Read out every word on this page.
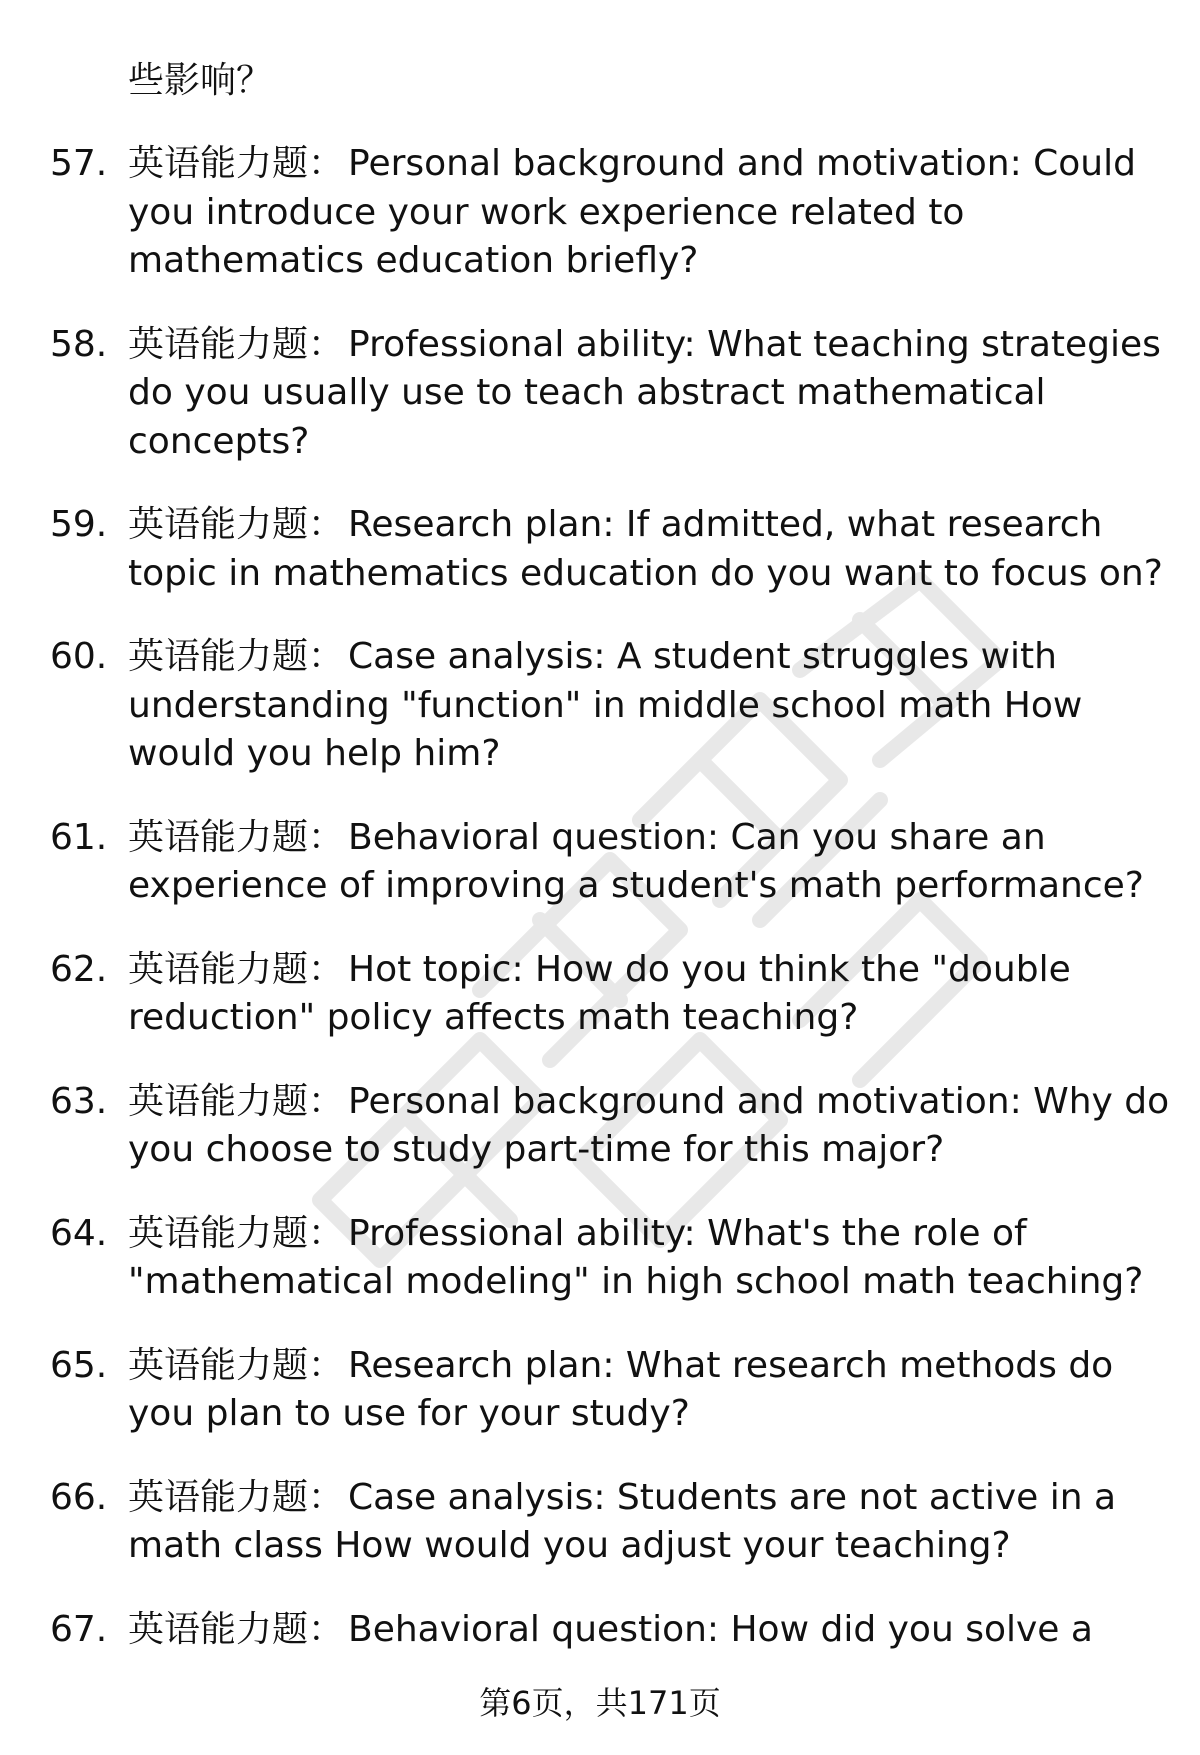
些影响？

57. 英语能力题： Personal background and motivation: Could you introduce your work experience related to mathematics education briefly?
58. 英语能力题： Professional ability: What teaching strategies do you usually use to teach abstract mathematical concepts?
59. 英语能力题： Research plan: If admitted, what research topic in mathematics education do you want to focus on?
60. 英语能力题： Case analysis: A student struggles with understanding "function" in middle school math How would you help him?
61. 英语能力题： Behavioral question: Can you share an experience of improving a student's math performance?
62. 英语能力题： Hot topic: How do you think the "double reduction" policy affects math teaching?
63. 英语能力题： Personal background and motivation: Why do you choose to study part-time for this major?
64. 英语能力题： Professional ability: What's the role of "mathematical modeling" in high school math teaching?
65. 英语能力题： Research plan: What research methods do you plan to use for your study?
66. 英语能力题： Case analysis: Students are not active in a math class How would you adjust your teaching?
67. 英语能力题： Behavioral question: How did you solve a
第6页，共171页
